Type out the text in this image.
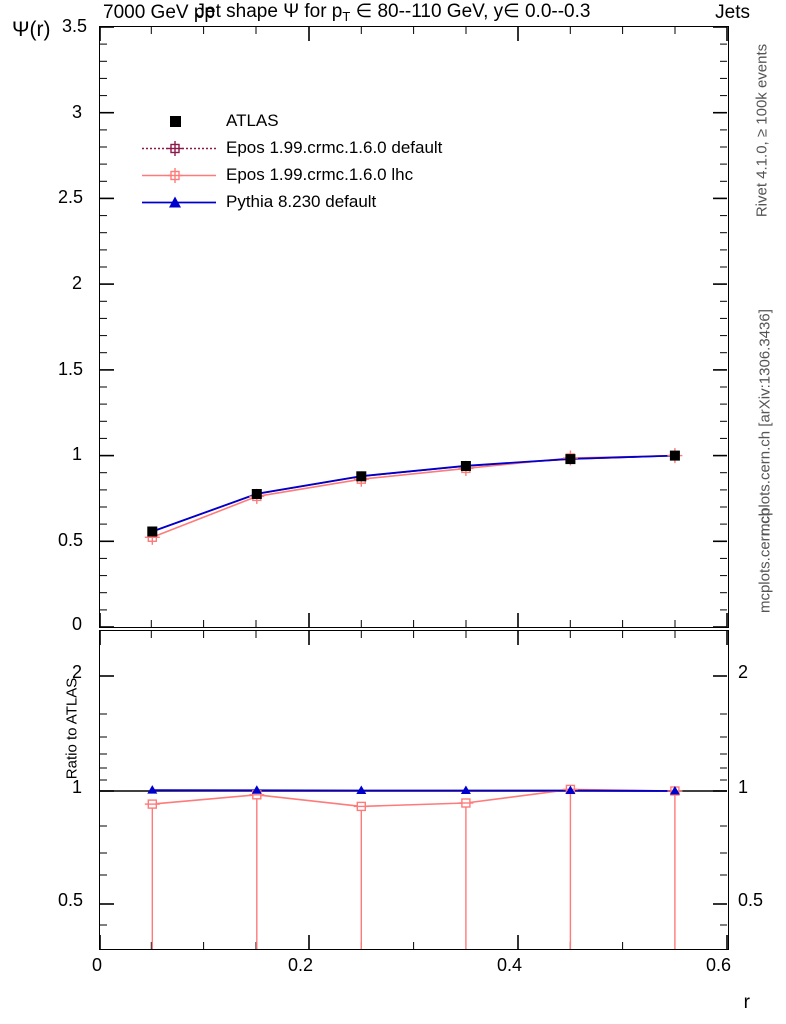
7000 GeV pp	Jets
Ψ(r)
Ratio to ATLAS
Rivet 4.1.0, ≥ 100k events
mcplots.cern.ch [arXiv:1306.3436]
mcplots.cern.ch
Jet shape Ψ for $p_T$ ∈ 80--110 GeV, y∈ 0.0--0.3
r
3.5
3
2.5
2
1.5
1
0.5
0
ATLAS
Epos 1.99.crmc.1.6.0 default
Epos 1.99.crmc.1.6.0 lhc
Pythia 8.230 default
2
1
0.5
2
1
0.5
0	0.2	0.4	0.6
